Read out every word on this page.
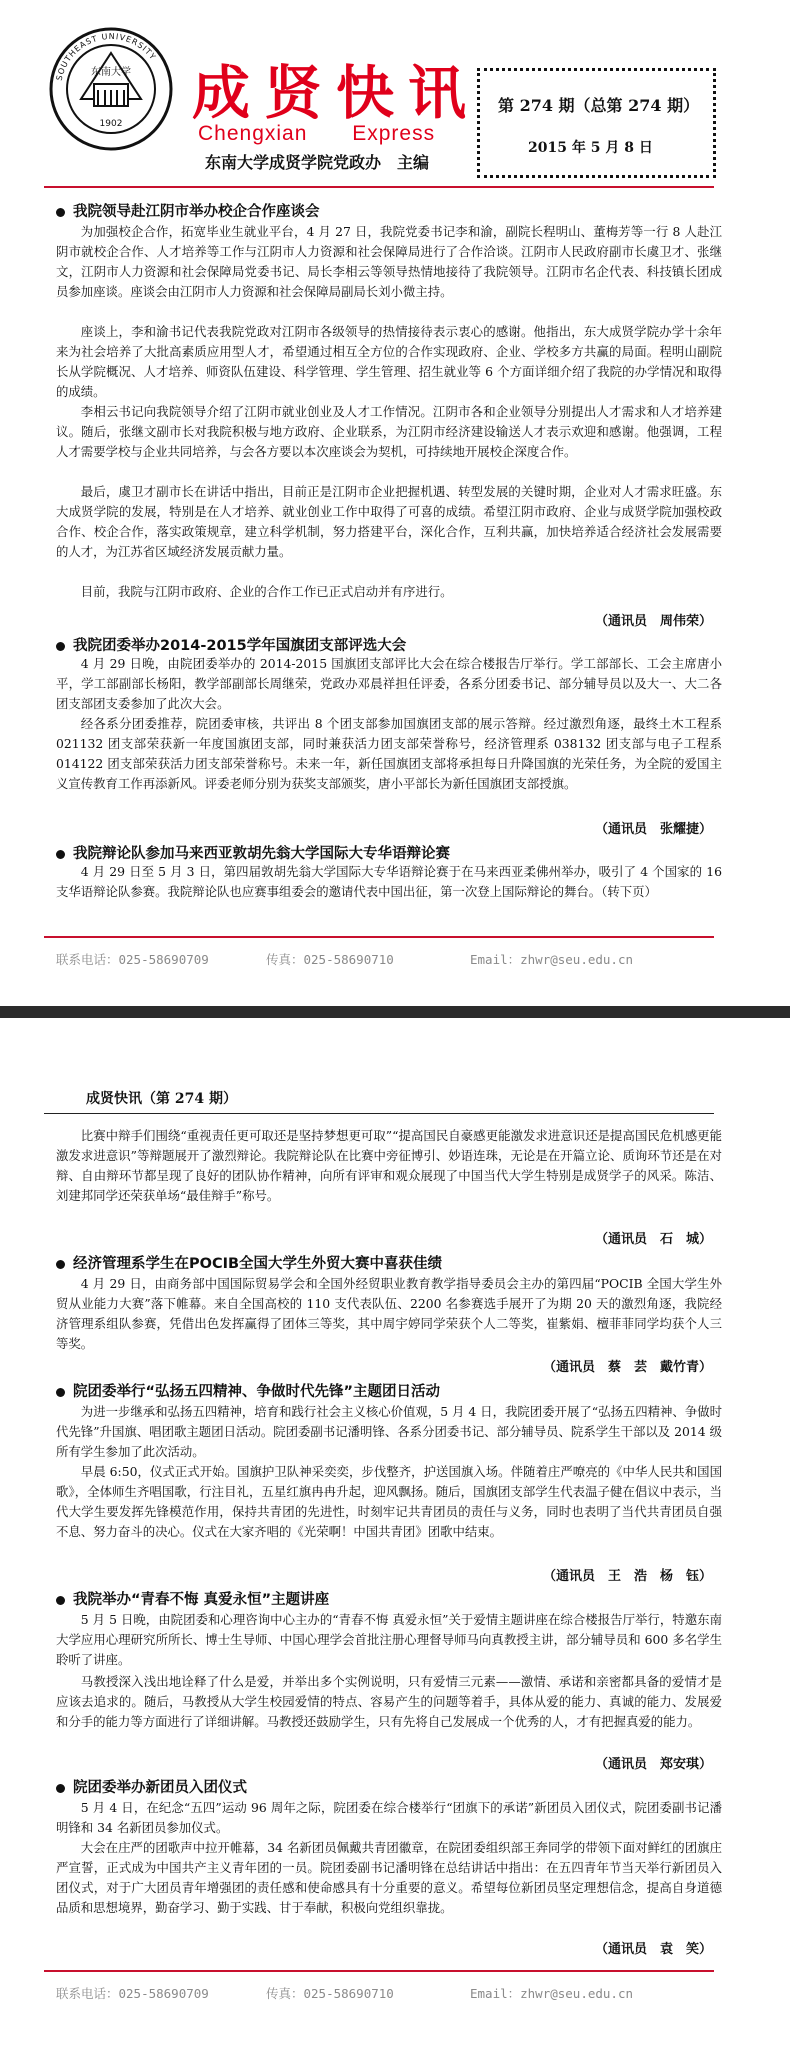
东南大学
SOUTHEAST UNIVERSITY
1902 成贤快讯
Chengxian Express
东南大学成贤学院党政办　主编
第 274 期（总第 274 期）
2015 年 5 月 8 日
我院领导赴江阴市举办校企合作座谈会

为加强校企合作，拓宽毕业生就业平台，4 月 27 日，我院党委书记李和渝，副院长程明山、董梅芳等一行 8 人赴江阴市就校企合作、人才培养等工作与江阴市人力资源和社会保障局进行了合作洽谈。江阴市人民政府副市长虞卫才、张继文，江阴市人力资源和社会保障局党委书记、局长李相云等领导热情地接待了我院领导。江阴市名企代表、科技镇长团成员参加座谈。座谈会由江阴市人力资源和社会保障局副局长刘小微主持。

座谈上，李和渝书记代表我院党政对江阴市各级领导的热情接待表示衷心的感谢。他指出，东大成贤学院办学十余年来为社会培养了大批高素质应用型人才，希望通过相互全方位的合作实现政府、企业、学校多方共赢的局面。程明山副院长从学院概况、人才培养、师资队伍建设、科学管理、学生管理、招生就业等 6 个方面详细介绍了我院的办学情况和取得的成绩。

李相云书记向我院领导介绍了江阴市就业创业及人才工作情况。江阴市各和企业领导分别提出人才需求和人才培养建议。随后，张继文副市长对我院积极与地方政府、企业联系，为江阴市经济建设输送人才表示欢迎和感谢。他强调，工程人才需要学校与企业共同培养，与会各方要以本次座谈会为契机，可持续地开展校企深度合作。

最后，虞卫才副市长在讲话中指出，目前正是江阴市企业把握机遇、转型发展的关键时期，企业对人才需求旺盛。东大成贤学院的发展，特别是在人才培养、就业创业工作中取得了可喜的成绩。希望江阴市政府、企业与成贤学院加强校政合作、校企合作，落实政策规章，建立科学机制，努力搭建平台，深化合作，互利共赢，加快培养适合经济社会发展需要的人才，为江苏省区域经济发展贡献力量。

目前，我院与江阴市政府、企业的合作工作已正式启动并有序进行。

（通讯员　周伟荣）
我院团委举办2014-2015学年国旗团支部评选大会

4 月 29 日晚，由院团委举办的 2014-2015 国旗团支部评比大会在综合楼报告厅举行。学工部部长、工会主席唐小平，学工部副部长杨阳，教学部副部长周继荣，党政办邓晨祥担任评委，各系分团委书记、部分辅导员以及大一、大二各团支部团支委参加了此次大会。

经各系分团委推荐，院团委审核，共评出 8 个团支部参加国旗团支部的展示答辩。经过激烈角逐，最终土木工程系 021132 团支部荣获新一年度国旗团支部，同时兼获活力团支部荣誉称号，经济管理系 038132 团支部与电子工程系 014122 团支部荣获活力团支部荣誉称号。未来一年，新任国旗团支部将承担每日升降国旗的光荣任务，为全院的爱国主义宣传教育工作再添新风。评委老师分别为获奖支部颁奖，唐小平部长为新任国旗团支部授旗。

（通讯员　张耀捷）
我院辩论队参加马来西亚敦胡先翁大学国际大专华语辩论赛

4 月 29 日至 5 月 3 日，第四届敦胡先翁大学国际大专华语辩论赛于在马来西亚柔佛州举办，吸引了 4 个国家的 16 支华语辩论队参赛。我院辩论队也应赛事组委会的邀请代表中国出征，第一次登上国际辩论的舞台。（转下页）

联系电话：025-58690709	传真：025-58690710	Email：zhwr@seu.edu.cn
成贤快讯（第 274 期）

比赛中辩手们围绕“重视责任更可取还是坚持梦想更可取”“提高国民自豪感更能激发求进意识还是提高国民危机感更能激发求进意识”等辩题展开了激烈辩论。我院辩论队在比赛中旁征博引、妙语连珠，无论是在开篇立论、质询环节还是在对辩、自由辩环节都呈现了良好的团队协作精神，向所有评审和观众展现了中国当代大学生特别是成贤学子的风采。陈洁、刘建邦同学还荣获单场“最佳辩手”称号。

（通讯员　石　城）
经济管理系学生在POCIB全国大学生外贸大赛中喜获佳绩

4 月 29 日，由商务部中国国际贸易学会和全国外经贸职业教育教学指导委员会主办的第四届“POCIB 全国大学生外贸从业能力大赛”落下帷幕。来自全国高校的 110 支代表队伍、2200 名参赛选手展开了为期 20 天的激烈角逐，我院经济管理系组队参赛，凭借出色发挥赢得了团体三等奖，其中周宇婷同学荣获个人二等奖，崔紫娟、檀菲菲同学均获个人三等奖。

（通讯员　蔡　芸　戴竹青）
院团委举行“弘扬五四精神、争做时代先锋”主题团日活动

为进一步继承和弘扬五四精神，培育和践行社会主义核心价值观，5 月 4 日，我院团委开展了“弘扬五四精神、争做时代先锋”升国旗、唱团歌主题团日活动。院团委副书记潘明锋、各系分团委书记、部分辅导员、院系学生干部以及 2014 级所有学生参加了此次活动。

早晨 6:50，仪式正式开始。国旗护卫队神采奕奕，步伐整齐，护送国旗入场。伴随着庄严嘹亮的《中华人民共和国国歌》，全体师生齐唱国歌，行注目礼，五星红旗冉冉升起，迎风飘扬。随后，国旗团支部学生代表温子健在倡议中表示，当代大学生要发挥先锋模范作用，保持共青团的先进性，时刻牢记共青团员的责任与义务，同时也表明了当代共青团员自强不息、努力奋斗的决心。仪式在大家齐唱的《光荣啊！中国共青团》团歌中结束。

（通讯员　王　浩　杨　钰）
我院举办“青春不悔 真爱永恒”主题讲座

5 月 5 日晚，由院团委和心理咨询中心主办的“青春不悔 真爱永恒”关于爱情主题讲座在综合楼报告厅举行，特邀东南大学应用心理研究所所长、博士生导师、中国心理学会首批注册心理督导师马向真教授主讲，部分辅导员和 600 多名学生聆听了讲座。

马教授深入浅出地诠释了什么是爱，并举出多个实例说明，只有爱情三元素——激情、承诺和亲密都具备的爱情才是应该去追求的。随后，马教授从大学生校园爱情的特点、容易产生的问题等着手，具体从爱的能力、真诚的能力、发展爱和分手的能力等方面进行了详细讲解。马教授还鼓励学生，只有先将自己发展成一个优秀的人，才有把握真爱的能力。

（通讯员　郑安琪）
院团委举办新团员入团仪式

5 月 4 日，在纪念“五四”运动 96 周年之际，院团委在综合楼举行“团旗下的承诺”新团员入团仪式，院团委副书记潘明锋和 34 名新团员参加仪式。

大会在庄严的团歌声中拉开帷幕，34 名新团员佩戴共青团徽章，在院团委组织部王奔同学的带领下面对鲜红的团旗庄严宣誓，正式成为中国共产主义青年团的一员。院团委副书记潘明锋在总结讲话中指出：在五四青年节当天举行新团员入团仪式，对于广大团员青年增强团的责任感和使命感具有十分重要的意义。希望每位新团员坚定理想信念，提高自身道德品质和思想境界，勤奋学习、勤于实践、甘于奉献，积极向党组织靠拢。

（通讯员　袁　笑）
联系电话：025-58690709	传真：025-58690710	Email：zhwr@seu.edu.cn
